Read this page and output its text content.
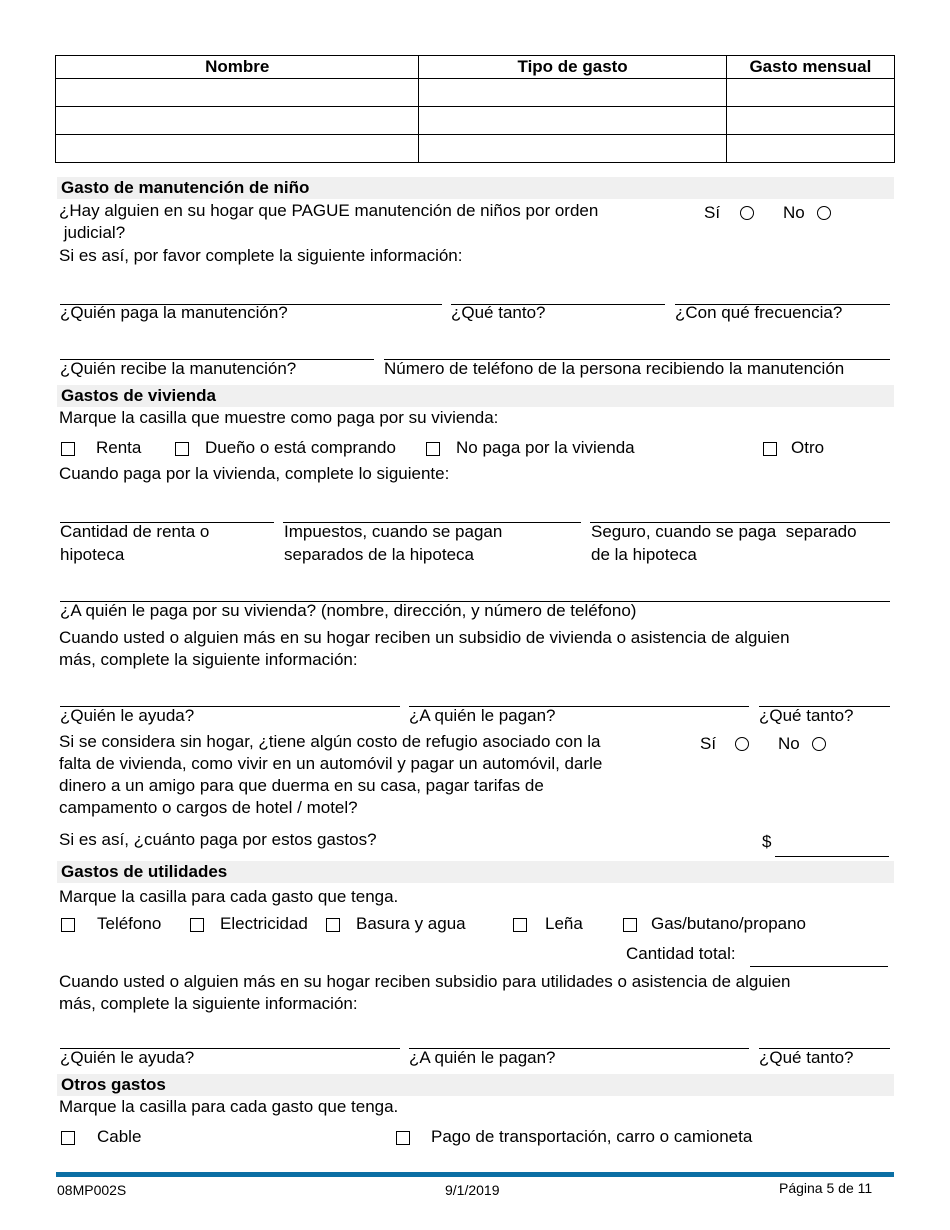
Nombre	Tipo de gasto	Gasto mensual

Gasto de manutención de niño
¿Hay alguien en su hogar que PAGUE manutención de niños por orden
judicial?
Sí	No
Si es así, por favor complete la siguiente información:
¿Quién paga la manutención?	¿Qué tanto?	¿Con qué frecuencia?
¿Quién recibe la manutención?	Número de teléfono de la persona recibiendo la manutención
Gastos de vivienda
Marque la casilla que muestre como paga por su vivienda:
Renta	Dueño o está comprando	No paga por la vivienda	Otro
Cuando paga por la vivienda, complete lo siguiente:
Cantidad de renta o
hipoteca
Impuestos, cuando se pagan
separados de la hipoteca
Seguro, cuando se paga  separado
de la hipoteca
¿A quién le paga por su vivienda? (nombre, dirección, y número de teléfono)
Cuando usted o alguien más en su hogar reciben un subsidio de vivienda o asistencia de alguien
más, complete la siguiente información:
¿Quién le ayuda?	¿A quién le pagan?	¿Qué tanto?
Si se considera sin hogar, ¿tiene algún costo de refugio asociado con la
falta de vivienda, como vivir en un automóvil y pagar un automóvil, darle
dinero a un amigo para que duerma en su casa, pagar tarifas de
campamento o cargos de hotel / motel?
Sí	No
Si es así, ¿cuánto paga por estos gastos?	$
Gastos de utilidades
Marque la casilla para cada gasto que tenga.
Teléfono	Electricidad	Basura y agua	Leña	Gas/butano/propano
Cantidad total:
Cuando usted o alguien más en su hogar reciben subsidio para utilidades o asistencia de alguien
más, complete la siguiente información:
¿Quién le ayuda?	¿A quién le pagan?	¿Qué tanto?
Otros gastos
Marque la casilla para cada gasto que tenga.
Cable	Pago de transportación, carro o camioneta
08MP002S	9/1/2019	Página 5 de 11
